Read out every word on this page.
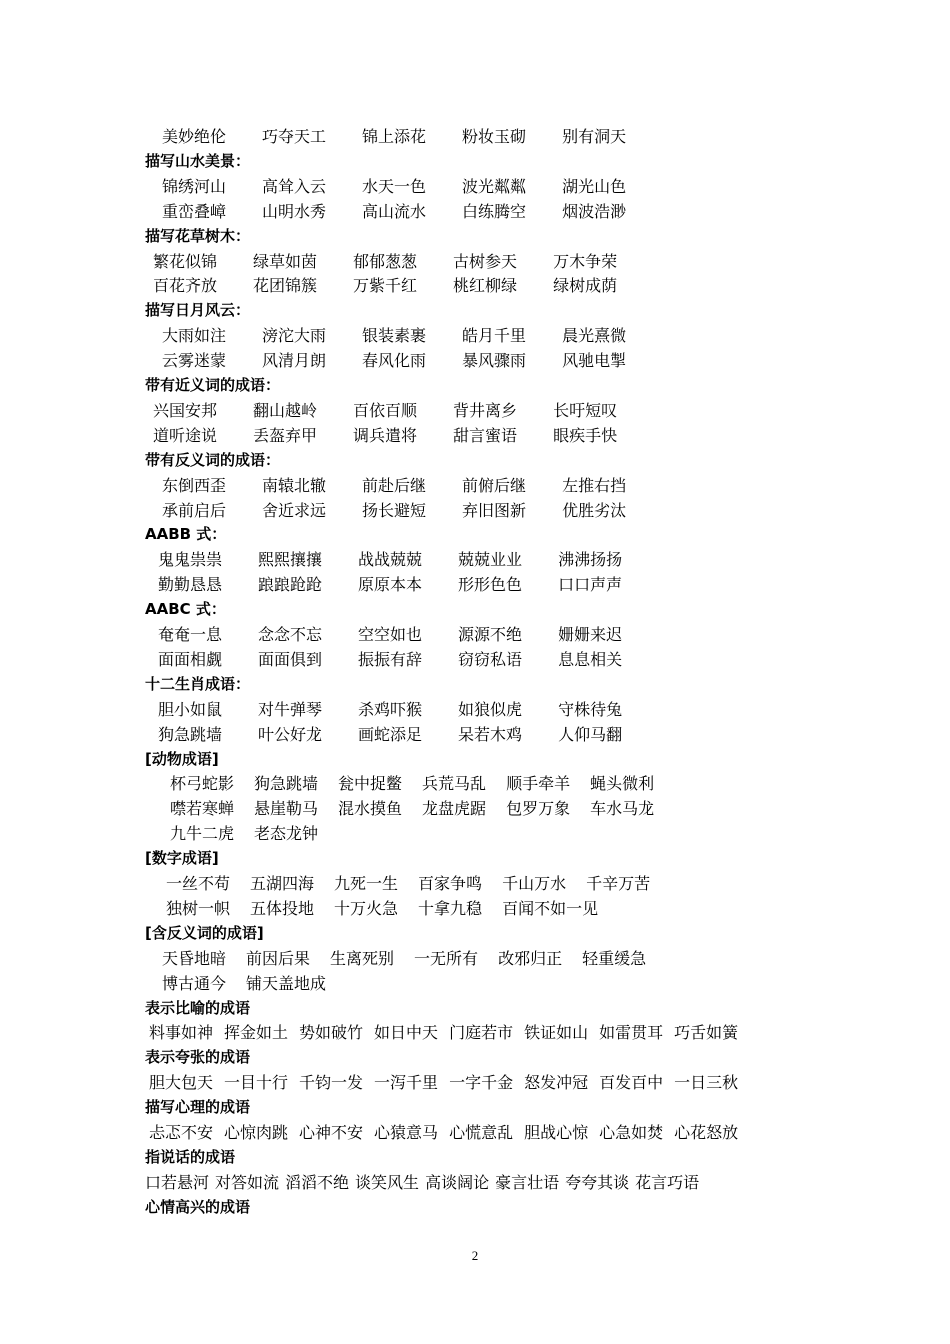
美妙绝伦 巧夺天工 锦上添花 粉妆玉砌 别有洞天
描写山水美景：
锦绣河山 高耸入云 水天一色 波光粼粼 湖光山色
重峦叠嶂 山明水秀 高山流水 白练腾空 烟波浩渺
描写花草树木：
繁花似锦 绿草如茵 郁郁葱葱 古树参天 万木争荣
百花齐放 花团锦簇 万紫千红 桃红柳绿 绿树成荫
描写日月风云：
大雨如注 滂沱大雨 银装素裹 皓月千里 晨光熹微
云雾迷蒙 风清月朗 春风化雨 暴风骤雨 风驰电掣
带有近义词的成语：
兴国安邦 翻山越岭 百依百顺 背井离乡 长吁短叹
道听途说 丢盔弃甲 调兵遣将 甜言蜜语 眼疾手快
带有反义词的成语：
东倒西歪 南辕北辙 前赴后继 前俯后继 左推右挡
承前启后 舍近求远 扬长避短 弃旧图新 优胜劣汰
AABB 式：
鬼鬼祟祟 熙熙攘攘 战战兢兢 兢兢业业 沸沸扬扬
勤勤恳恳 踉踉跄跄 原原本本 形形色色 口口声声
AABC 式：
奄奄一息 念念不忘 空空如也 源源不绝 姗姗来迟
面面相觑 面面俱到 振振有辞 窃窃私语 息息相关
十二生肖成语：
胆小如鼠 对牛弹琴 杀鸡吓猴 如狼似虎 守株待兔
狗急跳墙 叶公好龙 画蛇添足 呆若木鸡 人仰马翻
[动物成语]
杯弓蛇影 狗急跳墙 瓮中捉鳖 兵荒马乱 顺手牵羊 蝇头微利
噤若寒蝉 悬崖勒马 混水摸鱼 龙盘虎踞 包罗万象 车水马龙
九牛二虎 老态龙钟
[数字成语]
一丝不苟 五湖四海 九死一生 百家争鸣 千山万水 千辛万苦
独树一帜 五体投地 十万火急 十拿九稳 百闻不如一见
[含反义词的成语]
天昏地暗 前因后果 生离死别 一无所有 改邪归正 轻重缓急
博古通今 铺天盖地成
表示比喻的成语
料事如神 挥金如土 势如破竹 如日中天 门庭若市 铁证如山 如雷贯耳 巧舌如簧
表示夸张的成语
胆大包天 一目十行 千钧一发 一泻千里 一字千金 怒发冲冠 百发百中 一日三秋
描写心理的成语
忐忑不安 心惊肉跳 心神不安 心猿意马 心慌意乱 胆战心惊 心急如焚 心花怒放
指说话的成语
口若悬河 对答如流 滔滔不绝 谈笑风生 高谈阔论 豪言壮语 夸夸其谈 花言巧语
心情高兴的成语
2
